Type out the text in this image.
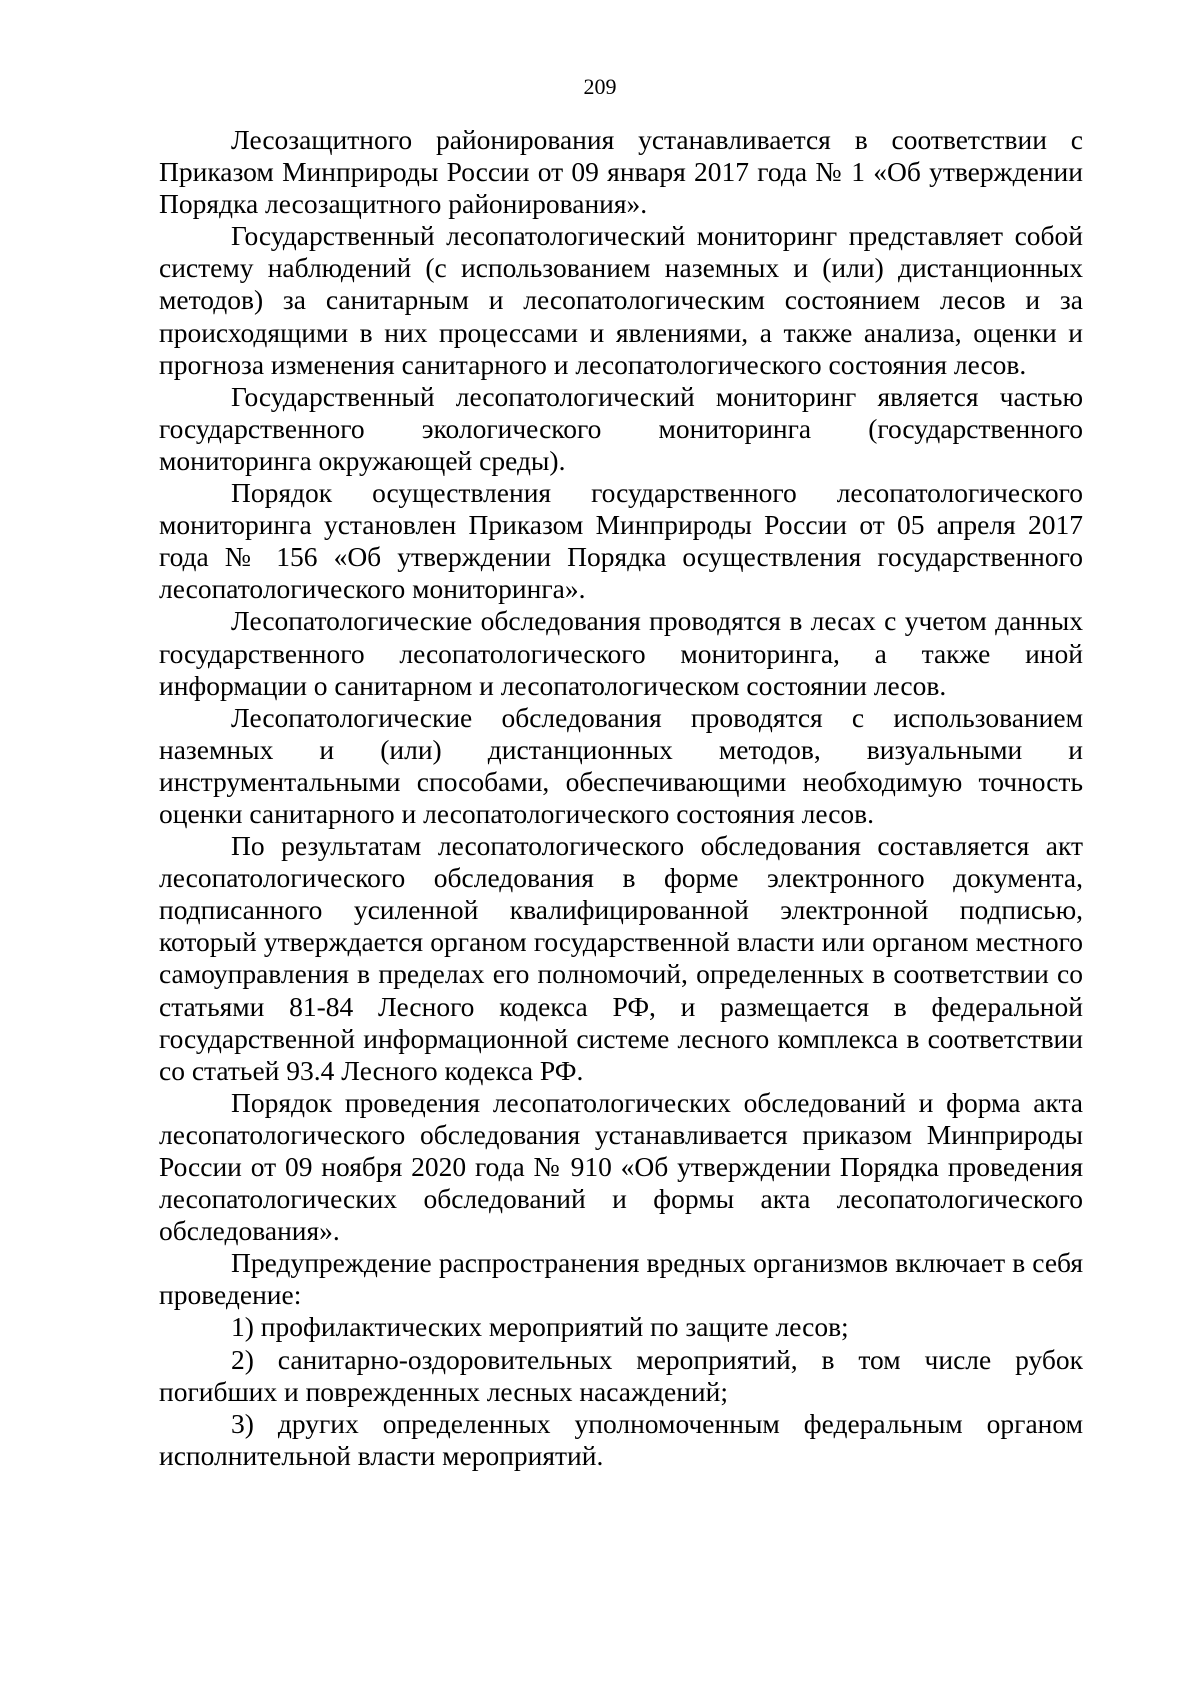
209

Лесозащитного районирования устанавливается в соответствии с Приказом Минприроды России от 09 января 2017 года № 1 «Об утверждении Порядка лесозащитного районирования».

Государственный лесопатологический мониторинг представляет собой систему наблюдений (с использованием наземных и (или) дистанционных методов) за санитарным и лесопатологическим состоянием лесов и за происходящими в них процессами и явлениями, а также анализа, оценки и прогноза изменения санитарного и лесопатологического состояния лесов.

Государственный лесопатологический мониторинг является частью государственного экологического мониторинга (государственного мониторинга окружающей среды).

Порядок осуществления государственного лесопатологического мониторинга установлен Приказом Минприроды России от 05 апреля 2017 года № 156 «Об утверждении Порядка осуществления государственного лесопатологического мониторинга».

Лесопатологические обследования проводятся в лесах с учетом данных государственного лесопатологического мониторинга, а также иной информации о санитарном и лесопатологическом состоянии лесов.

Лесопатологические обследования проводятся с использованием наземных и (или) дистанционных методов, визуальными и инструментальными способами, обеспечивающими необходимую точность оценки санитарного и лесопатологического состояния лесов.

По результатам лесопатологического обследования составляется акт лесопатологического обследования в форме электронного документа, подписанного усиленной квалифицированной электронной подписью, который утверждается органом государственной власти или органом местного самоуправления в пределах его полномочий, определенных в соответствии со статьями 81-84 Лесного кодекса РФ, и размещается в федеральной государственной информационной системе лесного комплекса в соответствии со статьей 93.4 Лесного кодекса РФ.

Порядок проведения лесопатологических обследований и форма акта лесопатологического обследования устанавливается приказом Минприроды России от 09 ноября 2020 года № 910 «Об утверждении Порядка проведения лесопатологических обследований и формы акта лесопатологического обследования».

Предупреждение распространения вредных организмов включает в себя проведение:

1) профилактических мероприятий по защите лесов;

2) санитарно-оздоровительных мероприятий, в том числе рубок погибших и поврежденных лесных насаждений;

3) других определенных уполномоченным федеральным органом исполнительной власти мероприятий.
